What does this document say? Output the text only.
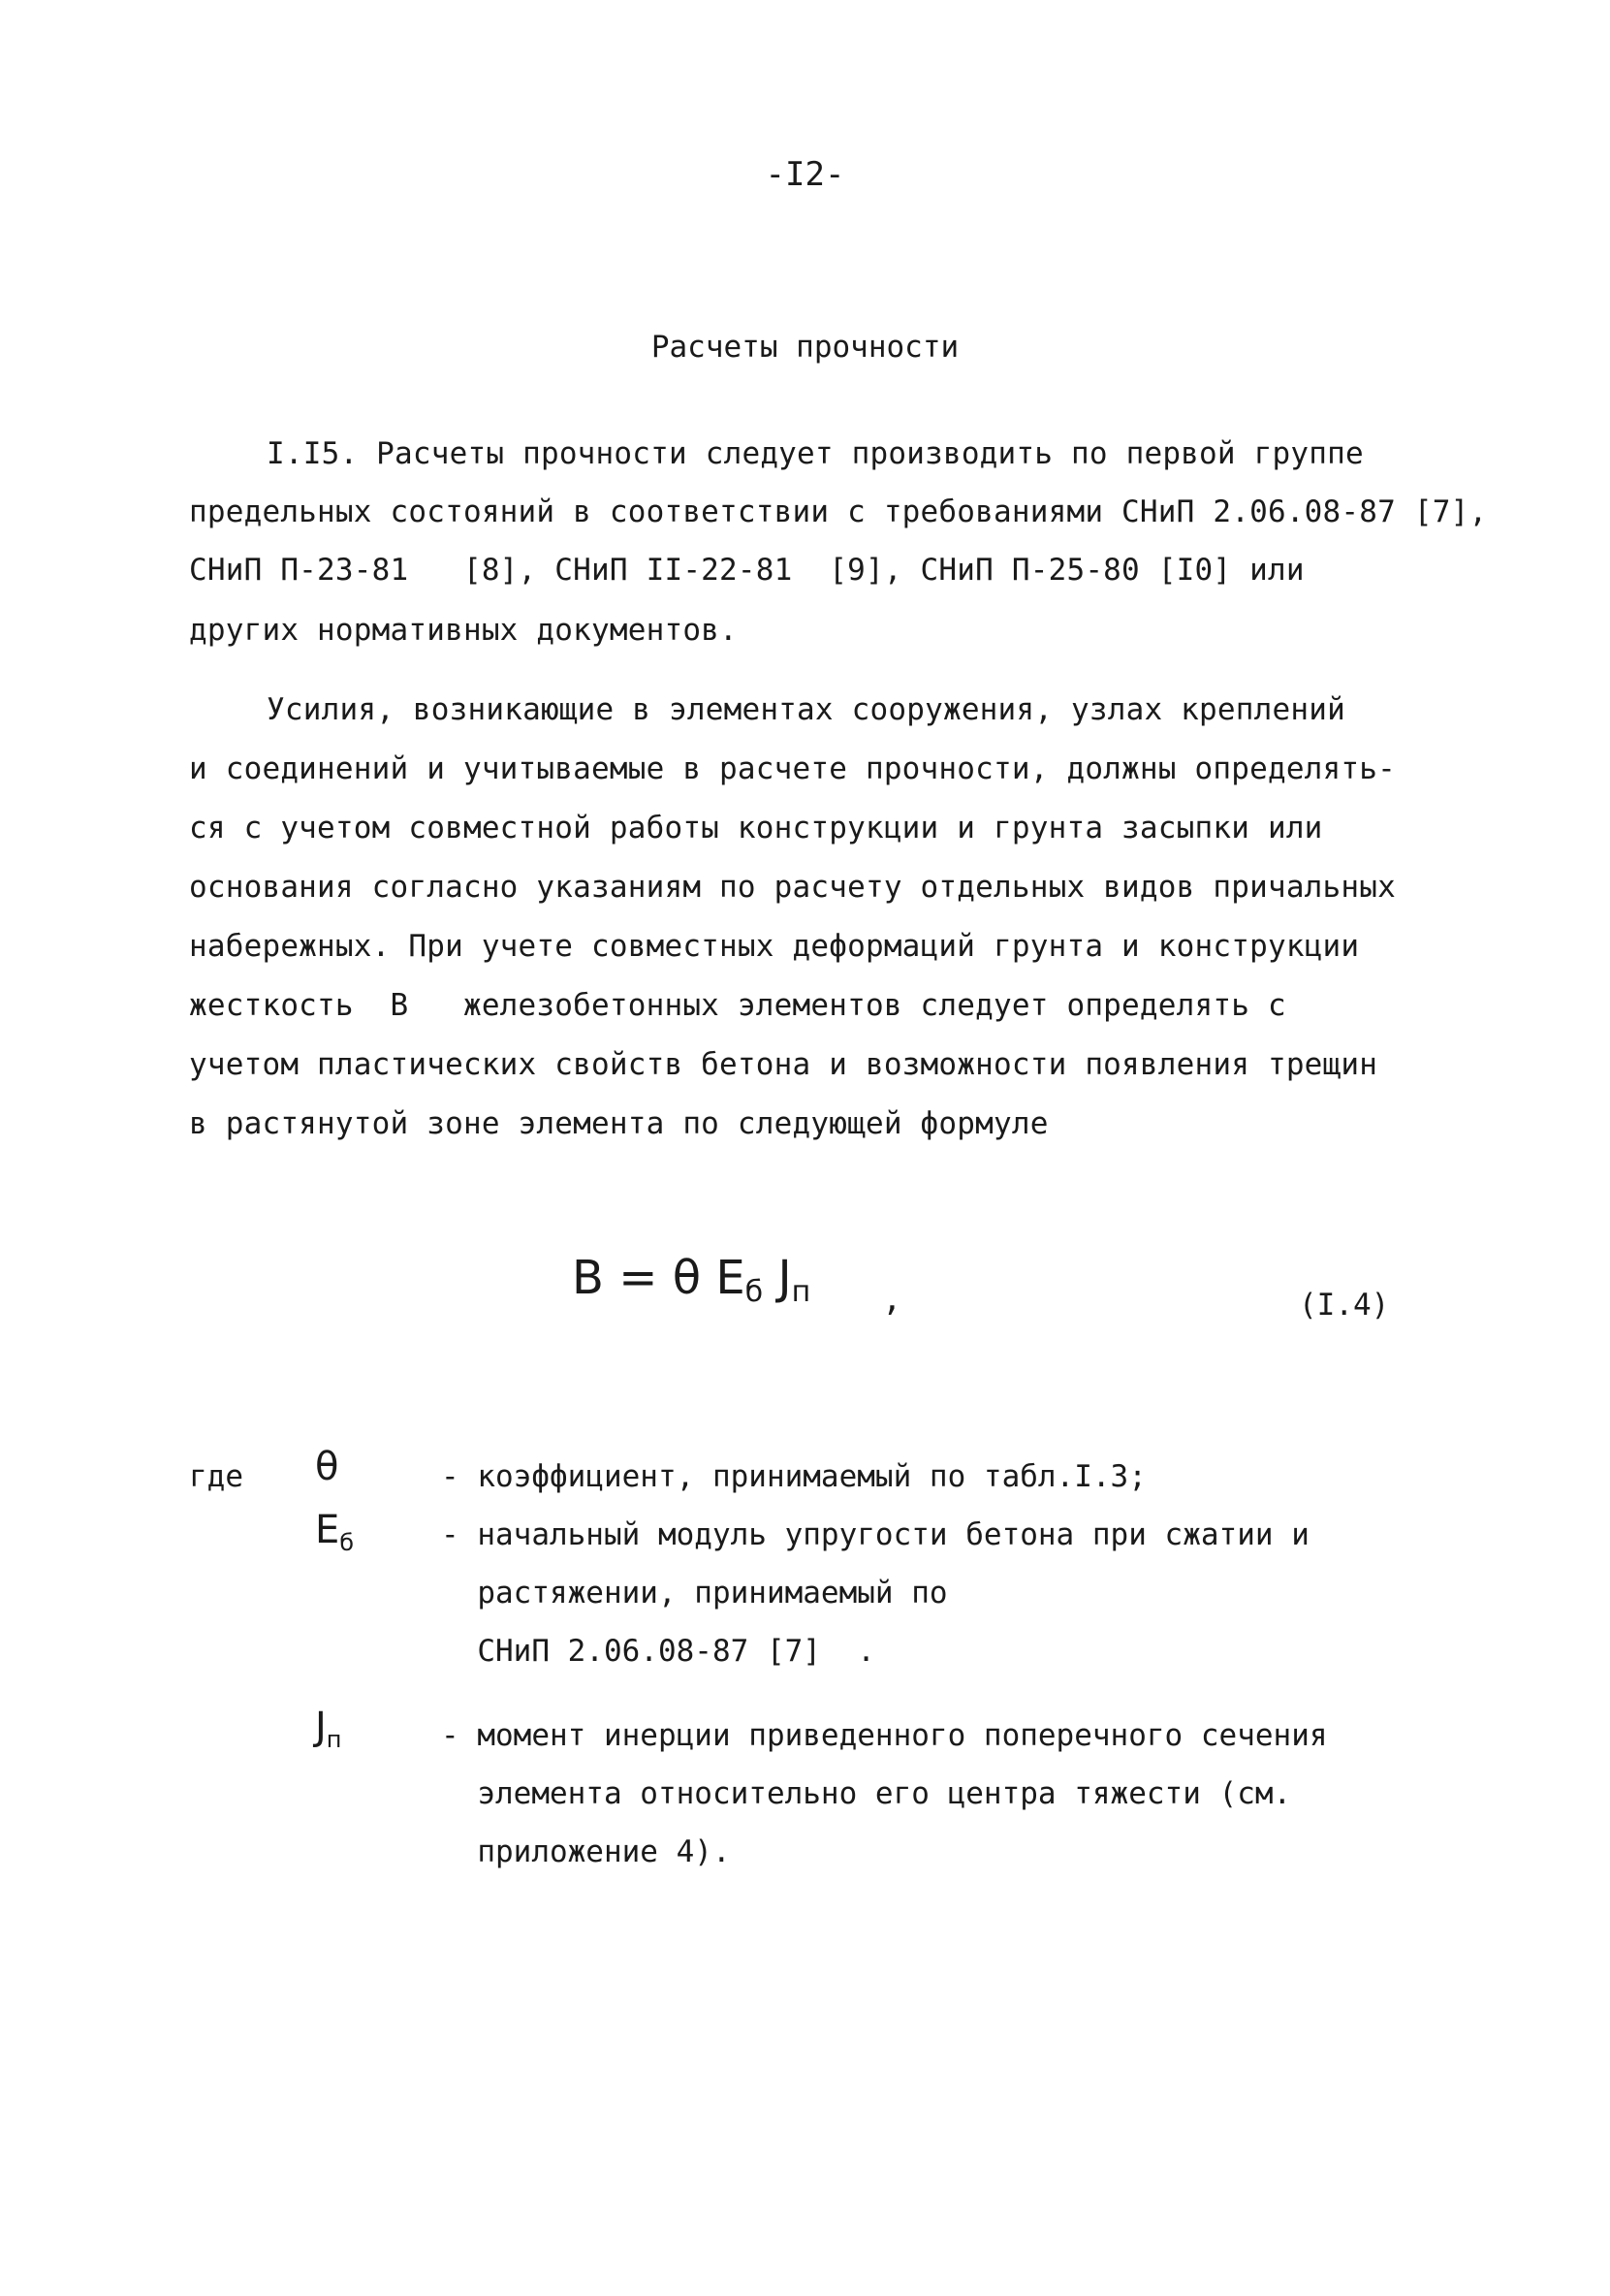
-I2-
Расчеты прочности
I.I5. Расчеты прочности следует производить по первой группе
предельных состояний в соответствии с требованиями СНиП 2.06.08-87 [7],
СНиП П-23-81   [8], СНиП II-22-81  [9], СНиП П-25-80 [I0] или
других нормативных документов.
Усилия, возникающие в элементах сооружения, узлах креплений
и соединений и учитываемые в расчете прочности, должны определять-
ся с учетом совместной работы конструкции и грунта засыпки или
основания согласно указаниям по расчету отдельных видов причальных
набережных. При учете совместных деформаций грунта и конструкции
жесткость  В   железобетонных элементов следует определять с
учетом пластических свойств бетона и возможности появления трещин
в растянутой зоне элемента по следующей формуле
В = θ $E_б$ $J_п$ ,	(I.4)
где θ	- коэффициент, принимаемый по табл.I.3;
$E_б$	- начальный модуль упругости бетона при сжатии и
растяжении, принимаемый по
СНиП 2.06.08-87 [7]  .
$J_п$	- момент инерции приведенного поперечного сечения
элемента относительно его центра тяжести (см.
приложение 4).
